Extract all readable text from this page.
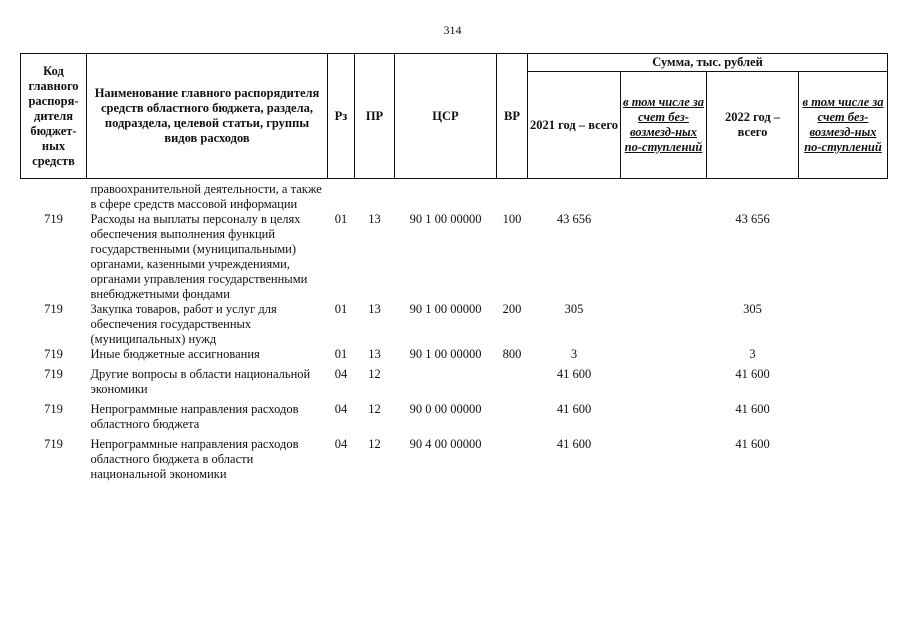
314
Код главного распоря-дителя бюджет-ных средств	Наименование главного распорядителя средств областного бюджета, раздела, подраздела, целевой статьи, группы видов расходов	Рз	ПР	ЦСР	ВР	Сумма, тыс. рублей			
						2021 год – всего	в том числе за счет без-возмезд-ных по-ступлений	2022 год – всего	в том числе за счет без-возмезд-ных по-ступлений

	правоохранительной деятельности, а также в сфере средств массовой информации								
719	Расходы на выплаты персоналу в целях обеспечения выполнения функций государственными (муниципальными) органами, казенными учреждениями, органами управления государственными внебюджетными фондами	01	13	90 1 00 00000	100	43 656		43 656	
719	Закупка товаров, работ и услуг для обеспечения государственных (муниципальных) нужд	01	13	90 1 00 00000	200	305		305	
719	Иные бюджетные ассигнования	01	13	90 1 00 00000	800	3		3	
719	Другие вопросы в области национальной экономики	04	12			41 600		41 600	
719	Непрограммные направления расходов областного бюджета	04	12	90 0 00 00000		41 600		41 600	
719	Непрограммные направления расходов областного бюджета в области национальной экономики	04	12	90 4 00 00000		41 600		41 600	
